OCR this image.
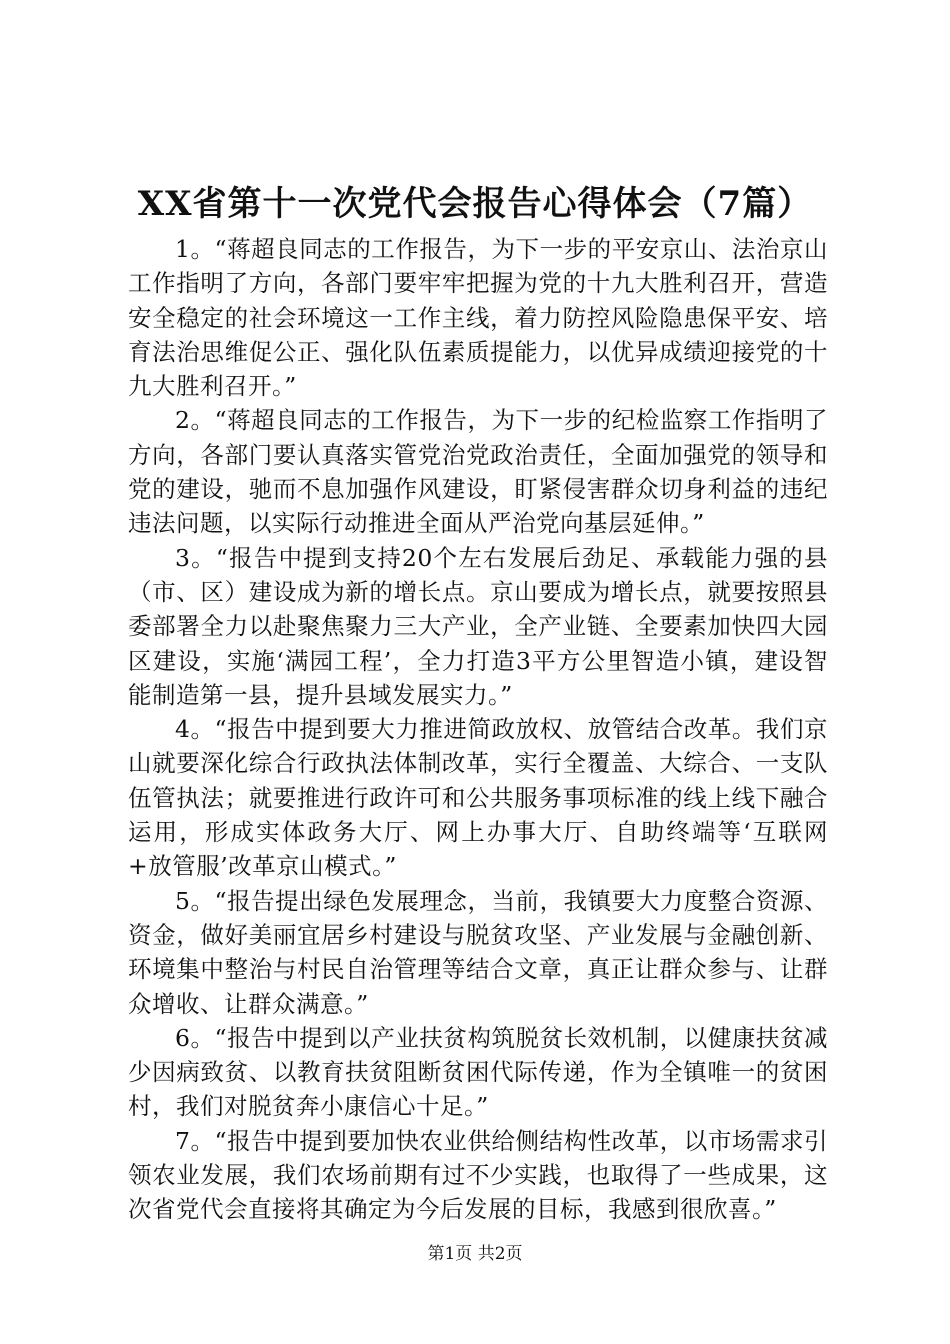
XX省第十一次党代会报告心得体会（7篇）

1。“蒋超良同志的工作报告，为下一步的平安京山、法治京山工作指明了方向，各部门要牢牢把握为党的十九大胜利召开，营造安全稳定的社会环境这一工作主线，着力防控风险隐患保平安、培育法治思维促公正、强化队伍素质提能力，以优异成绩迎接党的十九大胜利召开。”

2。“蒋超良同志的工作报告，为下一步的纪检监察工作指明了方向，各部门要认真落实管党治党政治责任，全面加强党的领导和党的建设，驰而不息加强作风建设，盯紧侵害群众切身利益的违纪违法问题，以实际行动推进全面从严治党向基层延伸。”

3。“报告中提到支持20个左右发展后劲足、承载能力强的县（市、区）建设成为新的增长点。京山要成为增长点，就要按照县委部署全力以赴聚焦聚力三大产业，全产业链、全要素加快四大园区建设，实施‘满园工程’，全力打造3平方公里智造小镇，建设智能制造第一县，提升县域发展实力。”

4。“报告中提到要大力推进简政放权、放管结合改革。我们京山就要深化综合行政执法体制改革，实行全覆盖、大综合、一支队伍管执法；就要推进行政许可和公共服务事项标准的线上线下融合运用，形成实体政务大厅、网上办事大厅、自助终端等‘互联网+放管服’改革京山模式。”

5。“报告提出绿色发展理念，当前，我镇要大力度整合资源、资金，做好美丽宜居乡村建设与脱贫攻坚、产业发展与金融创新、环境集中整治与村民自治管理等结合文章，真正让群众参与、让群众增收、让群众满意。”

6。“报告中提到以产业扶贫构筑脱贫长效机制，以健康扶贫减少因病致贫、以教育扶贫阻断贫困代际传递，作为全镇唯一的贫困村，我们对脱贫奔小康信心十足。”

7。“报告中提到要加快农业供给侧结构性改革，以市场需求引领农业发展，我们农场前期有过不少实践，也取得了一些成果，这次省党代会直接将其确定为今后发展的目标，我感到很欣喜。”

第1页 共2页
